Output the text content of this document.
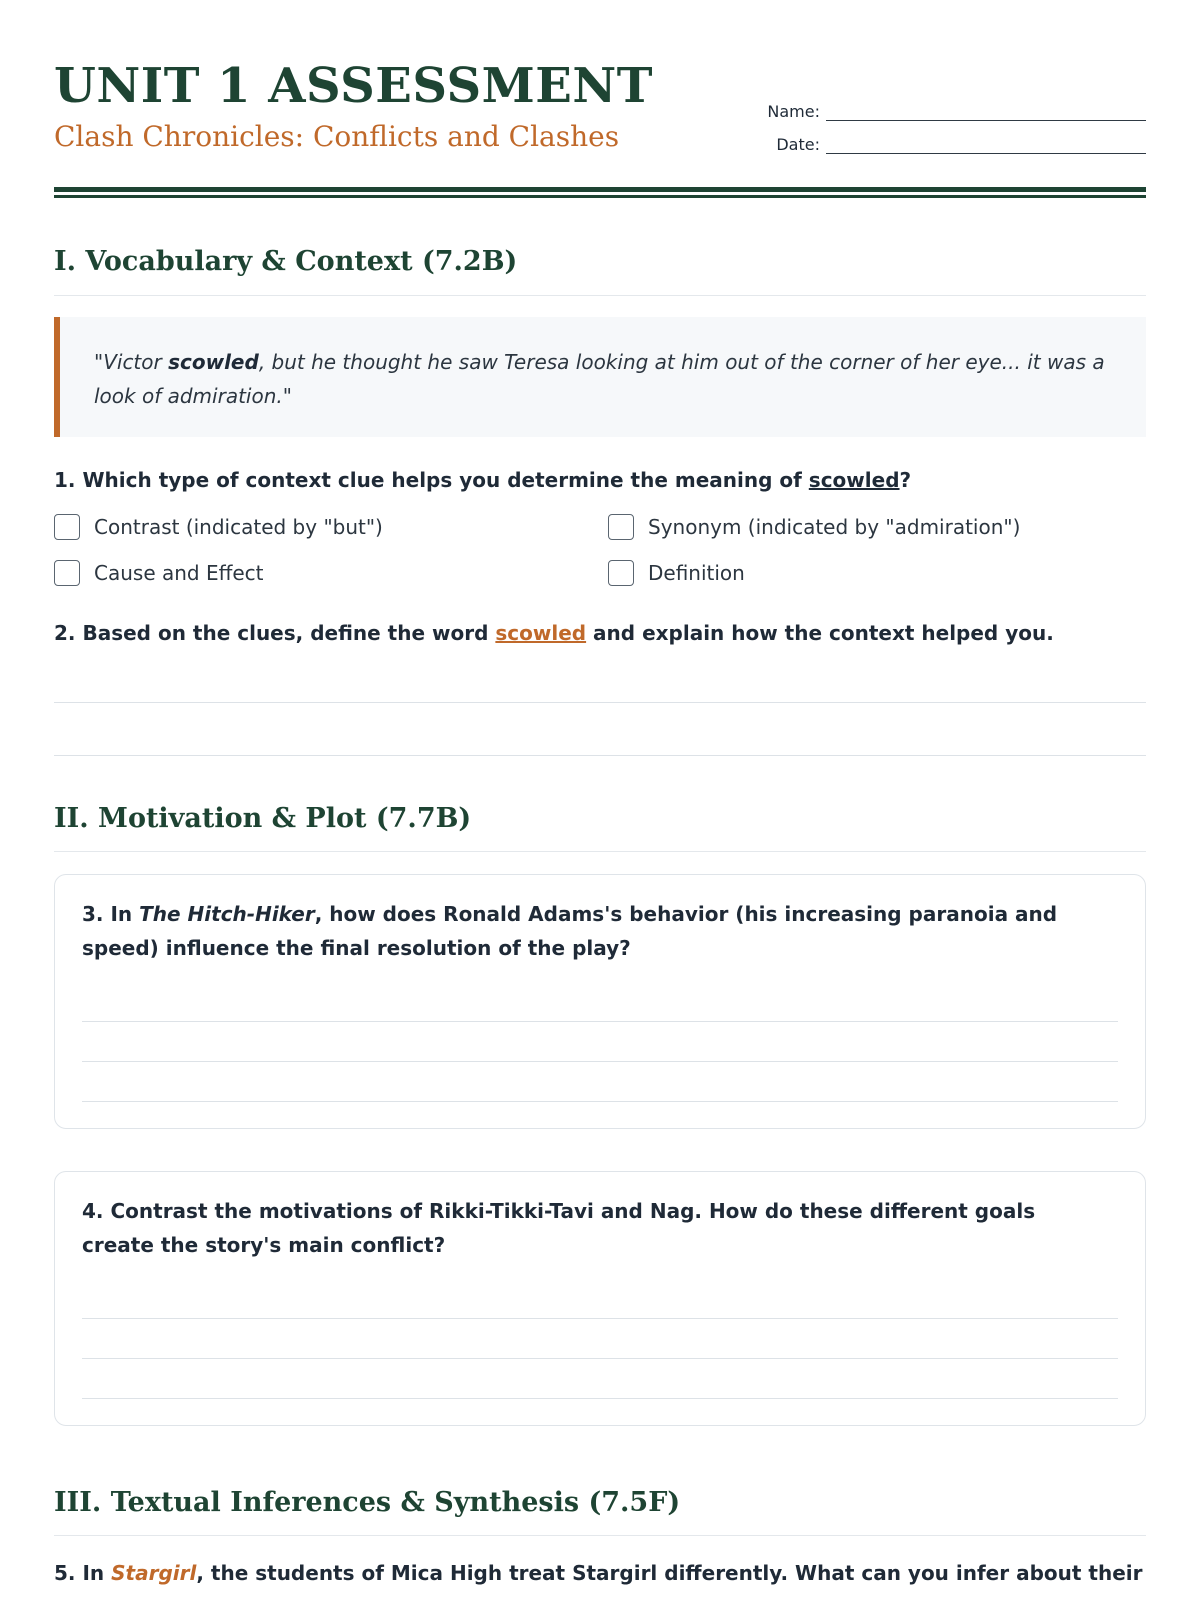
UNIT 1 ASSESSMENT
Clash Chronicles: Conflicts and Clashes
Name:
Date:
I. Vocabulary & Context (7.2B)
"Victor scowled, but he thought he saw Teresa looking at him out of the corner of her eye... it was a look of admiration."
1. Which type of context clue helps you determine the meaning of scowled?
Contrast (indicated by "but")	Synonym (indicated by "admiration")
Cause and Effect	Definition
2. Based on the clues, define the word scowled and explain how the context helped you.
II. Motivation & Plot (7.7B)
3. In The Hitch-Hiker, how does Ronald Adams's behavior (his increasing paranoia and speed) influence the final resolution of the play?
4. Contrast the motivations of Rikki-Tikki-Tavi and Nag. How do these different goals create the story's main conflict?
III. Textual Inferences & Synthesis (7.5F)
5. In Stargirl, the students of Mica High treat Stargirl differently. What can you infer about their
